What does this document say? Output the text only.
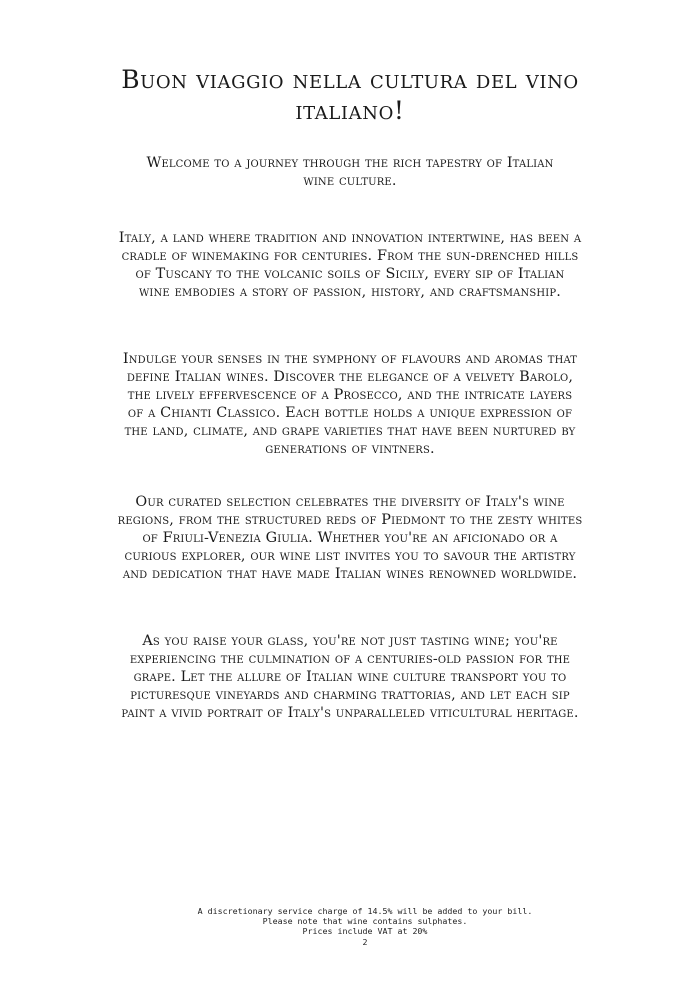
Buon viaggio nella cultura del vino italiano!

Welcome to a journey through the rich tapestry of Italian wine culture.

Italy, a land where tradition and innovation intertwine, has been a cradle of winemaking for centuries. From the sun-drenched hills of Tuscany to the volcanic soils of Sicily, every sip of Italian wine embodies a story of passion, history, and craftsmanship.

Indulge your senses in the symphony of flavours and aromas that define Italian wines. Discover the elegance of a velvety Barolo, the lively effervescence of a Prosecco, and the intricate layers of a Chianti Classico. Each bottle holds a unique expression of the land, climate, and grape varieties that have been nurtured by generations of vintners.

Our curated selection celebrates the diversity of Italy's wine regions, from the structured reds of Piedmont to the zesty whites of Friuli-Venezia Giulia. Whether you're an aficionado or a curious explorer, our wine list invites you to savour the artistry and dedication that have made Italian wines renowned worldwide.

As you raise your glass, you're not just tasting wine; you're experiencing the culmination of a centuries-old passion for the grape. Let the allure of Italian wine culture transport you to picturesque vineyards and charming trattorias, and let each sip paint a vivid portrait of Italy's unparalleled viticultural heritage.

A discretionary service charge of 14.5% will be added to your bill.
Please note that wine contains sulphates.
Prices include VAT at 20%
2
